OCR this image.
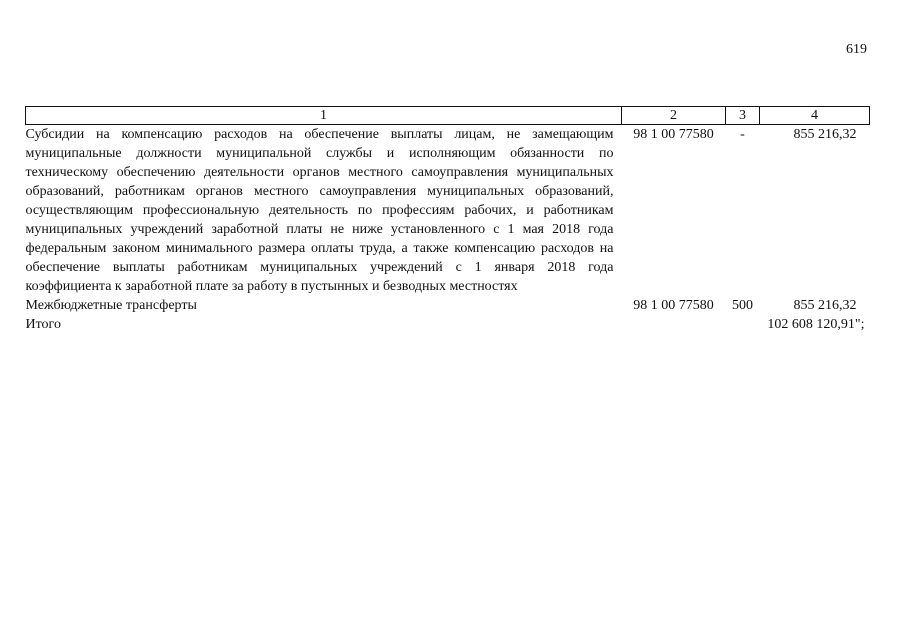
619
1	2	3	4
Субсидии на компенсацию расходов на обеспечение выплаты лицам, не замещающим муниципальные должности муниципальной службы и исполняющим обязанности по техническому обеспечению деятельности органов местного самоуправления муниципальных образований, работникам органов местного самоуправления муниципальных образований, осуществляющим профессиональную деятельность по профессиям рабочих, и работникам муниципальных учреждений заработной платы не ниже установленного с 1 мая 2018 года федеральным законом минимального размера оплаты труда, а также компенсацию расходов на обеспечение выплаты работникам муниципальных учреждений с 1 января 2018 года коэффициента к заработной плате за работу в пустынных и безводных местностях	98 1 00 77580	-	855 216,32
Межбюджетные трансферты	98 1 00 77580	500	855 216,32
Итого			102 608 120,91";
